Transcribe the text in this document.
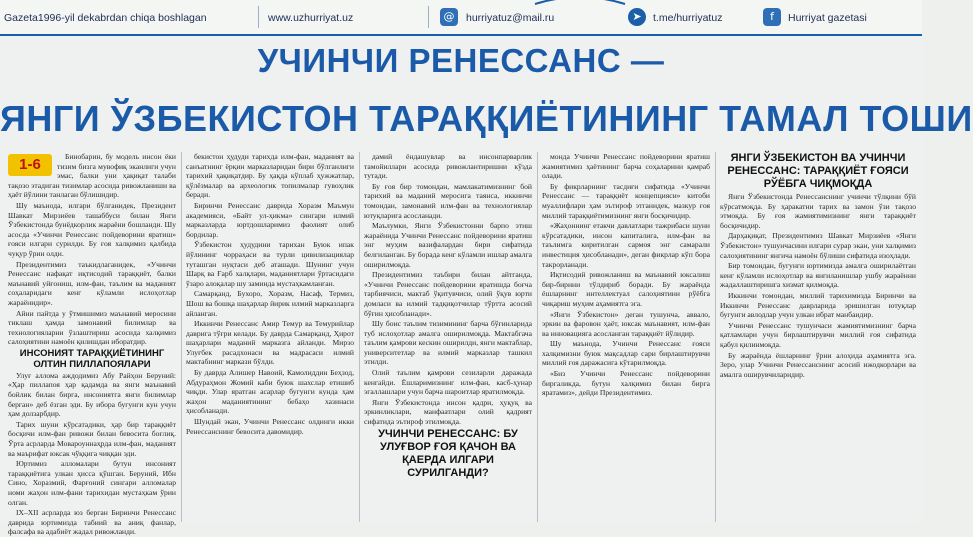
Gazeta1996-yil dekabrdan chiqa boshlagan	www.uzhurriyat.uz	@	hurriyatuz@mail.ru	➤	t.me/hurriyatuz	f	Hurriyat gazetasi
УЧИНЧИ РЕНЕССАНС —
ЯНГИ ЎЗБЕКИСТОН ТАРАҚҚИЁТИНИНГ ТАМАЛ ТОШИ
1-6	Бинобарин, бу модель инсон ёки тизим бизга мувофиқ эканлиги учун эмас, балки уни ҳақиқат талаби тақозо этадиган тизимлар асосида ривожланиши ва ҳаёт йўлини танлаган бўлишидир.

Шу маънода, илгари бўлганидек, Президент Шавкат Мирзиёев ташаббуси билан Янги Ўзбекистонда бунёдкорлик жараёни бошланди. Шу асосда «Учинчи Ренессанс пойдеворини яратиш» ғояси илгари сурилди. Бу ғоя халқимиз қалбида чуқур ўрин олди.

Президентимиз таъкидлаганидек, «Учинчи Ренессанс нафақат иқтисодий тараққиёт, балки маънавий уйғониш, илм-фан, таълим ва маданият соҳаларидаги кенг кўламли ислоҳотлар жараёнидир».

Айни пайтда у ўтмишимиз маънавий меросини тиклаш ҳамда замонавий билимлар ва технологияларни ўзлаштириш асосида халқимиз салоҳиятини намоён қилишдан иборатдир.

ИНСОНИЯТ ТАРАҚҚИЁТИНИНГ ОЛТИН ПИЛЛАПОЯЛАРИ

Улуғ аллома аждодимиз Абу Райҳон Беруний: «Ҳар пиллапоя ҳар қадамда ва янги маънавий бойлик билан бирга, инсониятга янги билимлар берган» деб ёзган эди. Бу ибора бугунги кун учун ҳам долзарбдир.

Тарих шуни кўрсатадики, ҳар бир тараққиёт босқичи илм-фан ривожи билан бевосита боғлиқ. Ўрта асрларда Мовароуннаҳрда илм-фан, маданият ва маърифат юксак чўққига чиққан эди.

Юртимиз алломалари бутун инсоният тараққиётига улкан ҳисса қўшган. Беруний, Ибн Сино, Хоразмий, Фарғоний сингари алломалар номи жаҳон илм-фани тарихидан мустаҳкам ўрин олган.

IX–XII асрларда юз берган Биринчи Ренессанс даврида юртимизда табиий ва аниқ фанлар, фалсафа ва адабиёт жадал ривожланди.

бекистон ҳудуди тарихда илм-фан, маданият ва санъатнинг ёрқин марказларидан бири бўлганлиги тарихий ҳақиқатдир. Бу ҳақда кўплаб ҳужжатлар, қўлёзмалар ва археологик топилмалар гувоҳлик беради.

Биринчи Ренессанс даврида Хоразм Маъмун академияси, «Байт ул-ҳикма» сингари илмий марказларда юртдошларимиз фаолият олиб бордилар.

Ўзбекистон ҳудудини тарихан Буюк ипак йўлининг чорраҳаси ва турли цивилизациялар туташган нуқтаси деб аташади. Шунинг учун Шарқ ва Ғарб халқлари, маданиятлари ўртасидаги ўзаро алоқалар шу заминда мустаҳкамланган.

Самарқанд, Бухоро, Хоразм, Насаф, Термиз, Шош ва бошқа шаҳарлар йирик илмий марказларга айланган.

Иккинчи Ренессанс Амир Темур ва Темурийлар даврига тўғри келади. Бу даврда Самарқанд, Ҳирот шаҳарлари маданий марказга айланди. Мирзо Улуғбек расадхонаси ва мадрасаси илмий мактабнинг маркази бўлди.

Бу даврда Алишер Навоий, Камолиддин Беҳзод, Абдураҳмон Жомий каби буюк шахслар етишиб чиқди. Улар яратган асарлар бугунги кунда ҳам жаҳон маданиятининг бебаҳо хазинаси ҳисобланади.

Шундай экан, Учинчи Ренессанс олдинги икки Ренессанснинг бевосита давомидир.

дамий ёндашувлар ва инсонпарварлик тамойиллари асосида ривожлантиришни кўзда тутади.

Бу ғоя бир томондан, мамлакатимизнинг бой тарихий ва маданий меросига таянса, иккинчи томондан, замонавий илм-фан ва технологиялар ютуқларига асосланади.

Маълумки, Янги Ўзбекистонни барпо этиш жараёнида Учинчи Ренессанс пойдеворини яратиш энг муҳим вазифалардан бири сифатида белгиланган. Бу борада кенг кўламли ишлар амалга оширилмоқда.

Президентимиз таъбири билан айтганда, «Учинчи Ренессанс пойдеворини яратишда боғча тарбиячиси, мактаб ўқитувчиси, олий ўқув юрти домласи ва илмий тадқиқотчилар тўртта асосий бўғин ҳисобланади».

Шу боис таълим тизимининг барча бўғинларида туб ислоҳотлар амалга оширилмоқда. Мактабгача таълим қамрови кескин оширилди, янги мактаблар, университетлар ва илмий марказлар ташкил этилди.

Олий таълим қамрови сезиларли даражада кенгайди. Ёшларимизнинг илм-фан, касб-ҳунар эгаллашлари учун барча шароитлар яратилмоқда.

Янги Ўзбекистонда инсон қадри, ҳуқуқ ва эркинликлари, манфаатлари олий қадрият сифатида эътироф этилмоқда.

УЧИНЧИ РЕНЕССАНС: БУ УЛУҒВОР ҒОЯ ҚАЧОН ВА ҚАЕРДА ИЛГАРИ СУРИЛГАНДИ?

монда Учинчи Ренессанс пойдеворини яратиш жамиятимиз ҳаётининг барча соҳаларини қамраб олади.

Бу фикрларнинг тасдиғи сифатида «Учинчи Ренессанс — тараққиёт концепцияси» китоби муаллифлари ҳам эътироф этганидек, мазкур ғоя миллий тараққиётимизнинг янги босқичидир.

«Жаҳоннинг етакчи давлатлари тажрибаси шуни кўрсатадики, инсон капиталига, илм-фан ва таълимга киритилган сармоя энг самарали инвестиция ҳисобланади», деган фикрлар кўп бора такрорланади.

Иқтисодий ривожланиш ва маънавий юксалиш бир-бирини тўлдириб боради. Бу жараёнда ёшларнинг интеллектуал салоҳиятини рўёбга чиқариш муҳим аҳамиятга эга.

«Янги Ўзбекистон» деган тушунча, аввало, эркин ва фаровон ҳаёт, юксак маънавият, илм-фан ва инновацияга асосланган тараққиёт йўлидир.

Шу маънода, Учинчи Ренессанс ғояси халқимизни буюк мақсадлар сари бирлаштирувчи миллий ғоя даражасига кўтарилмоқда.

«Биз Учинчи Ренессанс пойдеворини биргаликда, бутун халқимиз билан бирга яратамиз», дейди Президентимиз.

ЯНГИ ЎЗБЕКИСТОН ВА УЧИНЧИ РЕНЕССАНС: ТАРАҚҚИЁТ ҒОЯСИ РЎЁБГА ЧИҚМОҚДА

Янги Ўзбекистонда Ренессанснинг учинчи тўлқини бўй кўрсатмоқда. Бу ҳаракатни тарих ва замон ўзи тақозо этмоқда. Бу ғоя жамиятимизнинг янги тараққиёт босқичидир.

Дарҳақиқат, Президентимиз Шавкат Мирзиёев «Янги Ўзбекистон» тушунчасини илгари сурар экан, уни халқимиз салоҳиятининг янгича намоён бўлиши сифатида изоҳлади.

Бир томондан, бугунги юртимизда амалга оширилаётган кенг кўламли ислоҳотлар ва янгиланишлар ушбу жараённи жадаллаштиришга хизмат қилмоқда.

Иккинчи томондан, миллий тарихимизда Биринчи ва Иккинчи Ренессанс даврларида эришилган ютуқлар бугунги авлодлар учун улкан ибрат манбаидир.

Учинчи Ренессанс тушунчаси жамиятимизнинг барча қатламлари учун бирлаштирувчи миллий ғоя сифатида қабул қилинмоқда.

Бу жараёнда ёшларнинг ўрни алоҳида аҳамиятга эга. Зеро, улар Учинчи Ренессанснинг асосий ижодкорлари ва амалга оширувчиларидир.
